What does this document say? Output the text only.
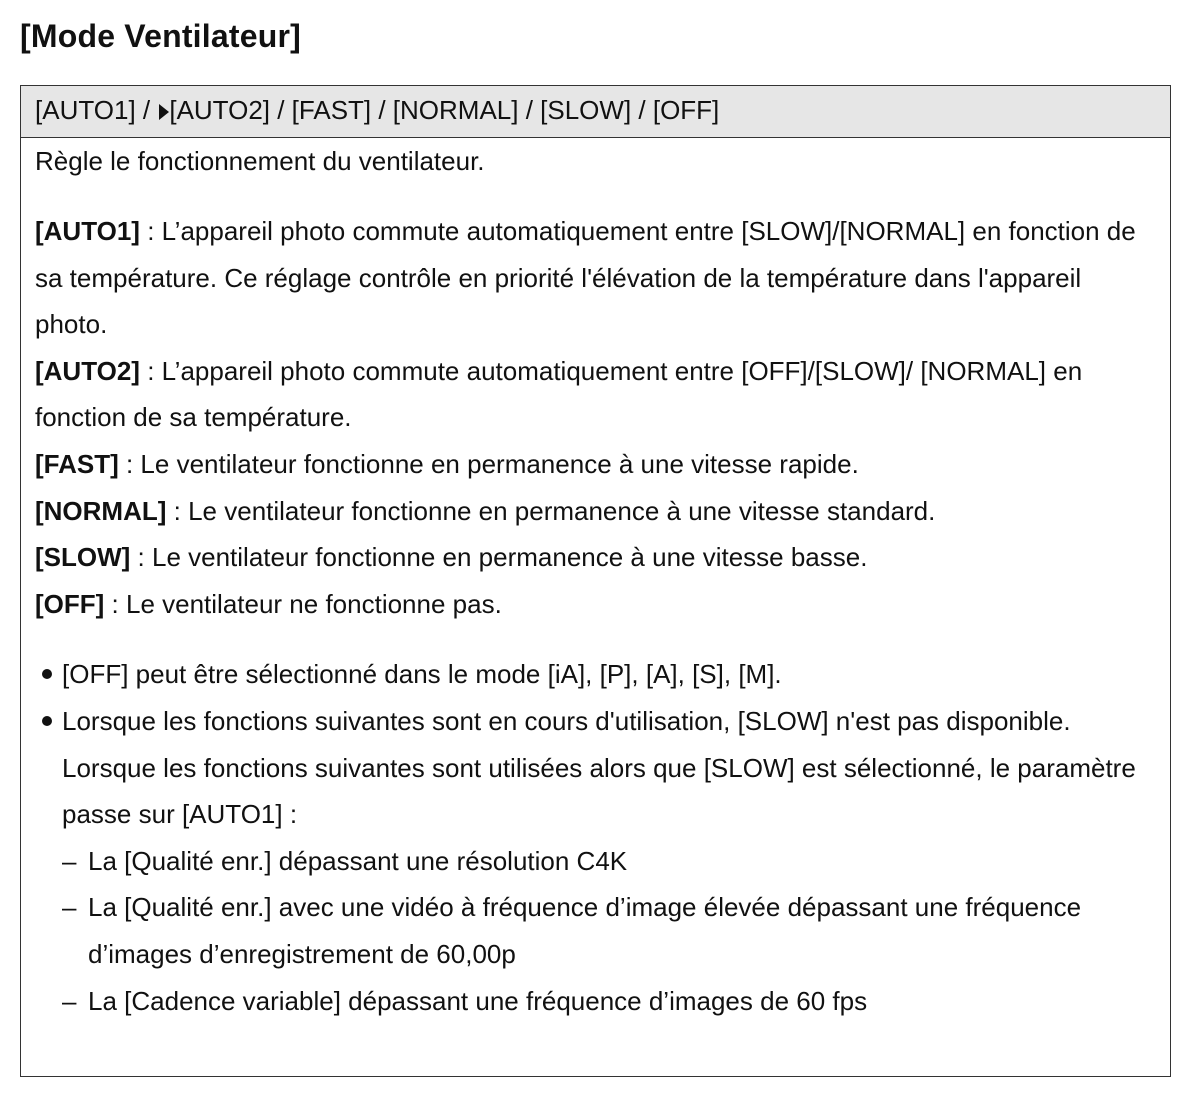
[Mode Ventilateur]
[AUTO1] / [AUTO2] / [FAST] / [NORMAL] / [SLOW] / [OFF]

Règle le fonctionnement du ventilateur.

[AUTO1] : L’appareil photo commute automatiquement entre [SLOW]/[NORMAL] en fonction de sa température. Ce réglage contrôle en priorité l'élévation de la température dans l'appareil photo.

[AUTO2] : L’appareil photo commute automatiquement entre [OFF]/[SLOW]/ [NORMAL] en fonction de sa température.

[FAST] : Le ventilateur fonctionne en permanence à une vitesse rapide.

[NORMAL] : Le ventilateur fonctionne en permanence à une vitesse standard.

[SLOW] : Le ventilateur fonctionne en permanence à une vitesse basse.

[OFF] : Le ventilateur ne fonctionne pas.

[OFF] peut être sélectionné dans le mode [iA], [P], [A], [S], [M].

Lorsque les fonctions suivantes sont en cours d'utilisation, [SLOW] n'est pas disponible.

Lorsque les fonctions suivantes sont utilisées alors que [SLOW] est sélectionné, le paramètre passe sur [AUTO1] :

– La [Qualité enr.] dépassant une résolution C4K

– La [Qualité enr.] avec une vidéo à fréquence d’image élevée dépassant une fréquence d’images d’enregistrement de 60,00p

– La [Cadence variable] dépassant une fréquence d’images de 60 fps
